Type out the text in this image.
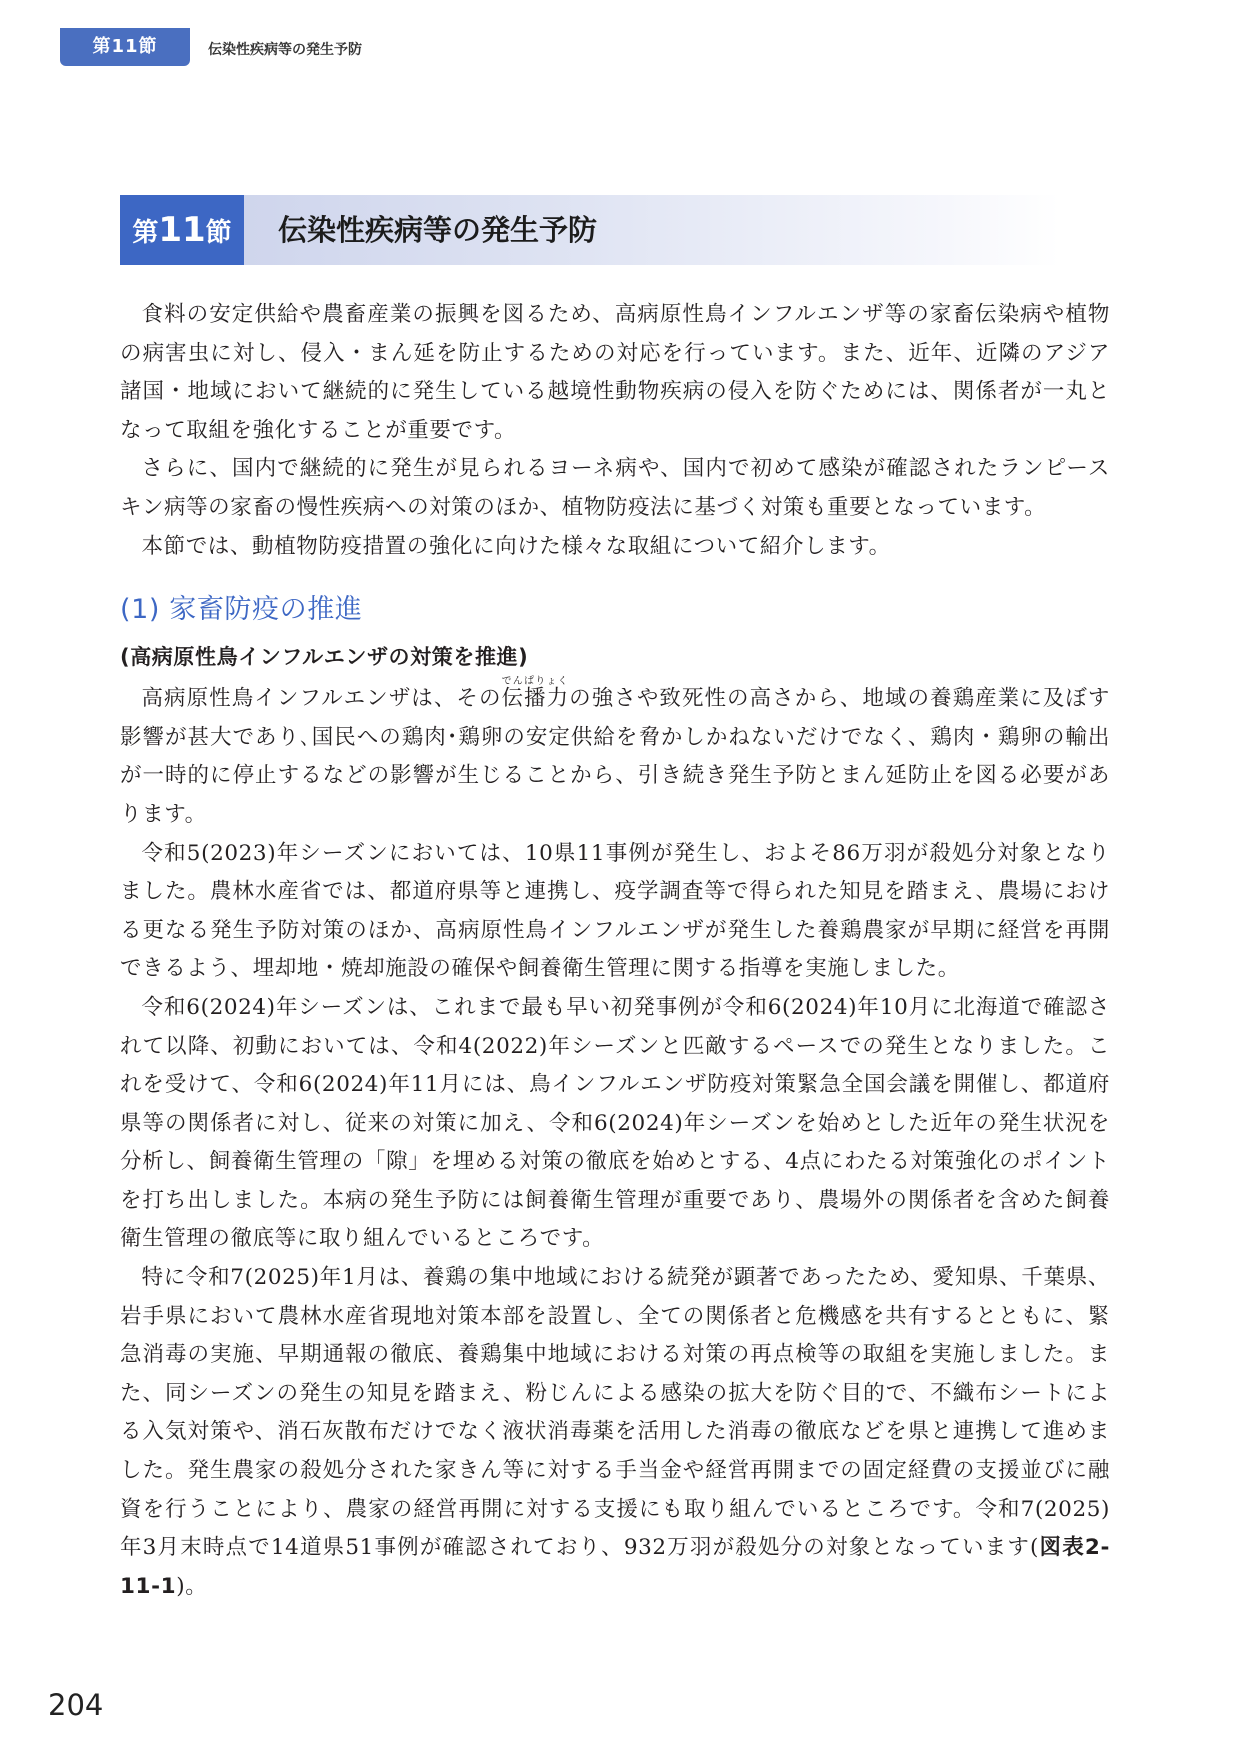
第11節	伝染性疾病等の発生予防
第11節	伝染性疾病等の発生予防

食料の安定供給や農畜産業の振興を図るため、高病原性鳥インフルエンザ等の家畜伝染病や植物の病害虫に対し、侵入・まん延を防止するための対応を行っています。また、近年、近隣のアジア諸国・地域において継続的に発生している越境性動物疾病の侵入を防ぐためには、関係者が一丸となって取組を強化することが重要です。

さらに、国内で継続的に発生が見られるヨーネ病や、国内で初めて感染が確認されたランピースキン病等の家畜の慢性疾病への対策のほか、植物防疫法に基づく対策も重要となっています。

本節では、動植物防疫措置の強化に向けた様々な取組について紹介します。

(1) 家畜防疫の推進
(高病原性鳥インフルエンザの対策を推進)

高病原性鳥インフルエンザは、その伝播力でんぱりょくの強さや致死性の高さから、地域の養鶏産業に及ぼす影響が甚大であり､国民への鶏肉･鶏卵の安定供給を脅かしかねないだけでなく、鶏肉・鶏卵の輸出が一時的に停止するなどの影響が生じることから、引き続き発生予防とまん延防止を図る必要があります。

令和5(2023)年シーズンにおいては、10県11事例が発生し、およそ86万羽が殺処分対象となりました。農林水産省では、都道府県等と連携し、疫学調査等で得られた知見を踏まえ、農場における更なる発生予防対策のほか、高病原性鳥インフルエンザが発生した養鶏農家が早期に経営を再開できるよう、埋却地・焼却施設の確保や飼養衛生管理に関する指導を実施しました。

令和6(2024)年シーズンは、これまで最も早い初発事例が令和6(2024)年10月に北海道で確認されて以降、初動においては、令和4(2022)年シーズンと匹敵するペースでの発生となりました。これを受けて、令和6(2024)年11月には、鳥インフルエンザ防疫対策緊急全国会議を開催し、都道府県等の関係者に対し、従来の対策に加え、令和6(2024)年シーズンを始めとした近年の発生状況を分析し、飼養衛生管理の「隙」を埋める対策の徹底を始めとする、4点にわたる対策強化のポイントを打ち出しました。本病の発生予防には飼養衛生管理が重要であり、農場外の関係者を含めた飼養衛生管理の徹底等に取り組んでいるところです。

特に令和7(2025)年1月は、養鶏の集中地域における続発が顕著であったため、愛知県、千葉県、岩手県において農林水産省現地対策本部を設置し、全ての関係者と危機感を共有するとともに、緊急消毒の実施、早期通報の徹底、養鶏集中地域における対策の再点検等の取組を実施しました。また、同シーズンの発生の知見を踏まえ、粉じんによる感染の拡大を防ぐ目的で、不織布シートによる入気対策や、消石灰散布だけでなく液状消毒薬を活用した消毒の徹底などを県と連携して進めました。発生農家の殺処分された家きん等に対する手当金や経営再開までの固定経費の支援並びに融資を行うことにより、農家の経営再開に対する支援にも取り組んでいるところです。令和7(2025)年3月末時点で14道県51事例が確認されており、932万羽が殺処分の対象となっています(図表2-11-1)。

204
